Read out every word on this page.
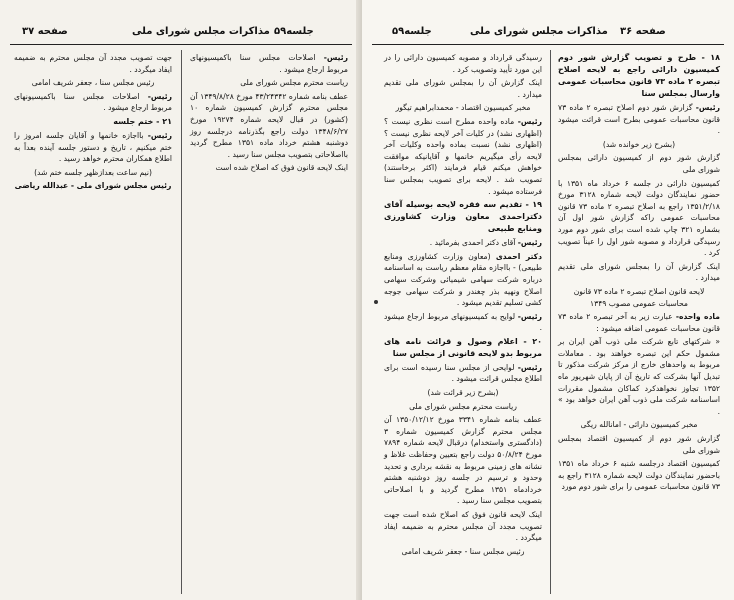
صفحه ۳۷	مذاکرات مجلس شورای ملی جلسه۵۹

رئیس- اصلاحات مجلس سنا باکمیسیونهای مربوط ارجاع میشود .

ریاست محترم مجلس شورای ملی

عطف بنامه شماره ۴۳/۲۴۳۴۲ مورخ ۱۳۴۹/۸/۲۸ آن مجلس محترم گزارش کمیسیون شماره ۱۰ (کشور) در قبال لایحه شماره ۱۹۲۷۴ مورخ ۱۳۴۸/۶/۲۷ دولت راجع بگذرنامه درجلسه روز دوشنبه هشتم خرداد ماده ۱۳۵۱ مطرح گردید بااصلاحاتی بتصویب مجلس سنا رسید .

اینک لایحه قانون فوق که اصلاح شده است

جهت تصویب مجدد آن مجلس محترم به ضمیمه ایفاد میگردد .

رئیس مجلس سنا ، جعفر شریف امامی

رئیس- اصلاحات مجلس سنا باکمیسیونهای مربوط ارجاع میشود .

۲۱ - ختم جلسه

رئیس- بااجازه خانمها و آقایان جلسه امروز را ختم میکنیم ، تاریخ و دستور جلسه آینده بعداً به اطلاع همکاران محترم خواهد رسید .

(نیم ساعت بعدازظهر جلسه ختم شد)

رئیس مجلس شورای ملی - عبدالله ریاضی

صفحه ۳۶
مذاکرات مجلس شورای ملی
جلسه۵۹

۱۸ - طرح و تصویب گزارش شور دوم کمیسیون دارائی راجع به لایحه اصلاح تبصره ۲ ماده ۷۳ قانون محاسبات عمومی وارسال بمجلس سنا

رئیس- گزارش شور دوم اصلاح تبصره ۲ ماده ۷۳ قانون محاسبات عمومی بطرح است قرائت میشود .

(بشرح زیر خوانده شد)

گزارش شور دوم از کمیسیون دارائی بمجلس شورای ملی

کمیسیون دارائی در جلسه ۶ خرداد ماه ۱۳۵۱ با حضور نمایندگان دولت لایحه شماره ۳۱۲۸ مورخ ۱۳۵۱/۲/۱۸ راجع به اصلاح تبصره ۲ ماده ۷۳ قانون محاسبات عمومی راکه گزارش شور اول آن بشماره ۳۲۱ چاپ شده است برای شور دوم مورد رسیدگی قرارداد و مصوبه شور اول را عیناً تصویب کرد .

اینک گزارش آن را بمجلس شورای ملی تقدیم میدارد .

لایحه قانون اصلاح تبصره ۲ ماده ۷۳ قانون محاسبات عمومی مصوب ۱۳۴۹

ماده واحده- عبارت زیر به آخر تبصره ۲ ماده ۷۳ قانون محاسبات عمومی اضافه میشود :

« شرکتهای تابع شرکت ملی ذوب آهن ایران بر مشمول حکم این تبصره خواهند بود . معاملات مربوط به واحدهای خارج از مرکز شرکت مذکور تا تبدیل آنها بشرکت که تاریخ آن از پایان شهریور ماه ۱۳۵۲ تجاوز نخواهدکرد کماکان مشمول مقررات اساسنامه شرکت ملی ذوب آهن ایران خواهد بود » .

مخبر کمیسیون دارائی - امانالله ریگی

گزارش شور دوم از کمیسیون اقتصاد بمجلس شورای ملی

کمیسیون اقتصاد درجلسه شنبه ۶ خرداد ماه ۱۳۵۱ باحضور نمایندگان دولت لایحه شماره ۳۱۲۸ راجع به ۷۳ قانون محاسبات عمومی را برای شور دوم مورد

رسیدگی قرارداد و مصوبه کمیسیون دارائی را در این مورد تأیید وتصویب کرد .

اینک گزارش آن را بمجلس شورای ملی تقدیم میدارد .

مخبر کمیسیون اقتصاد - محمدابراهیم تیگور

رئیس- ماده واحده مطرح است نظری نیست ؟ (اظهاری نشد) در کلیات آخر لایحه نظری نیست ؟ (اظهاری نشد) نسبت بماده واحده وکلیات آخر لایحه رأی میگیریم خانمها و آقایانیکه موافقت خواهش میکنم قیام فرمایند (اکثر برخاستند) تصویب شد . لایحه برای تصویب بمجلس سنا فرستاده میشود .

۱۹ - تقدیم سه فقره لایحه بوسیله آقای دکتراحمدی معاون وزارت کشاورزی ومنابع طبیعی

رئیس- آقای دکتر احمدی بفرمائید .

دکتر احمدی (معاون وزارت کشاورزی ومنابع طبیعی) - بااجازه مقام معظم ریاست به اساسنامه درباره شرکت سهامی شیمیائی وشرکت سهامی اصلاح ونهیه بذر چغندر و شرکت سهامی جوجه کشی تسلیم تقدیم میشود .

رئیس- لوایح به کمیسیونهای مربوط ارجاع میشود .

۲۰ - اعلام وصول و قرائت نامه های مربوط بدو لایحه قانونی از مجلس سنا

رئیس- لوایحی از مجلس سنا رسیده است برای اطلاع مجلس قرائت میشود .

(بشرح زیر قرائت شد)

ریاست محترم مجلس شورای ملی

عطف بنامه شماره ۳۳۴۱ مورخ ۱۳۵۰/۱۲/۱۲ آن مجلس محترم گزارش کمیسیون شماره ۳ (دادگستری واستخدام) درقبال لایحه شماره ۷۸۹۴ مورخ ۵۰/۸/۲۴ دولت راجع بتعیین وحفاظت غلاظ و نشانه های زمینی مربوط به نقشه برداری و تحدید وحدود و ترسیم در جلسه روز دوشنبه هشتم خردادماه ۱۳۵۱ مطرح گردید و با اصلاحاتی بتصویب مجلس سنا رسید .

اینک لایحه قانون فوق که اصلاح شده است جهت تصویب مجدد آن مجلس محترم به ضمیمه ایفاد میگردد .

رئیس مجلس سنا - جعفر شریف امامی
